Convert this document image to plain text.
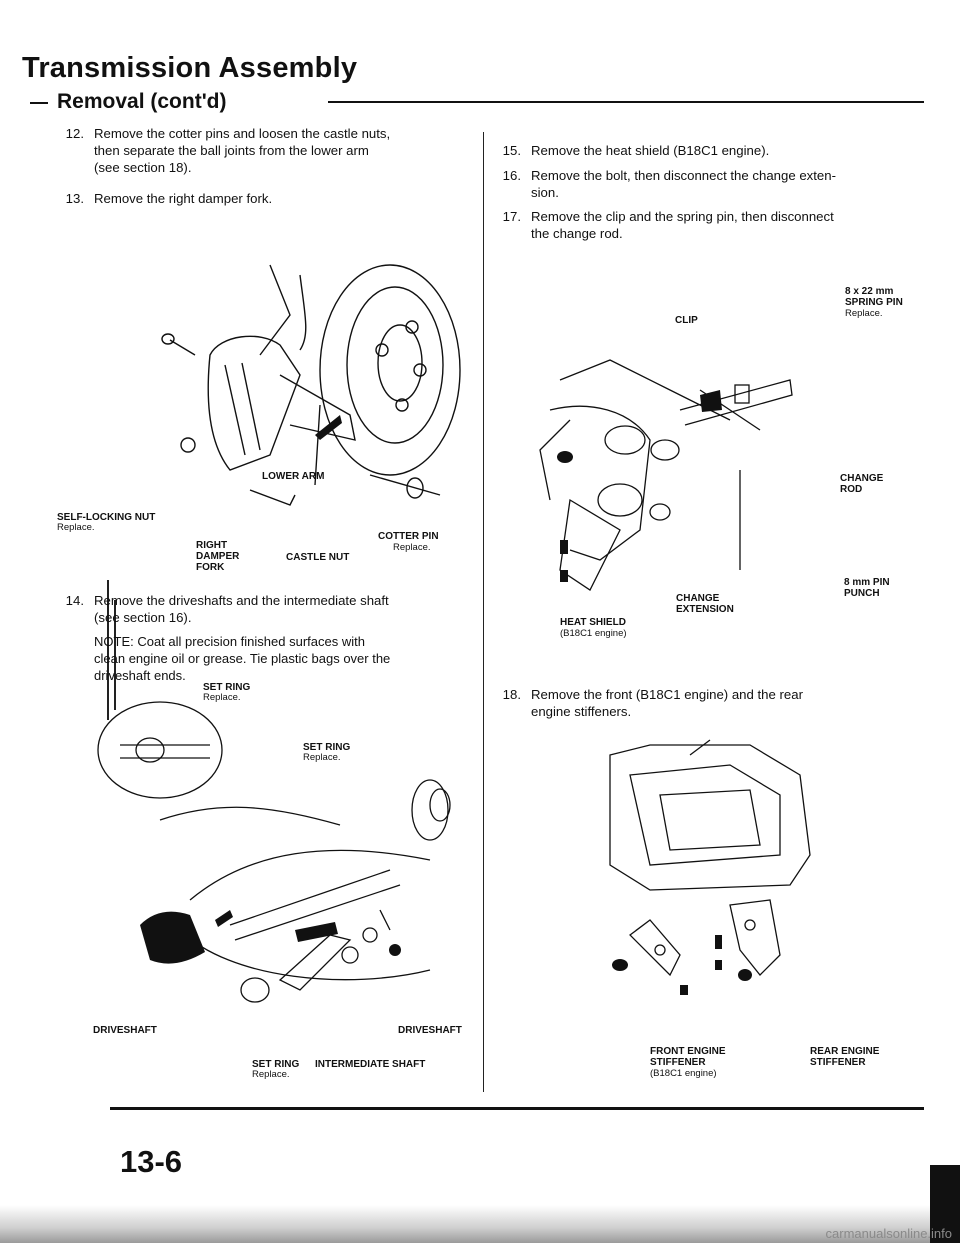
Transmission Assembly
Removal (cont'd)
12. Remove the cotter pins and loosen the castle nuts,
then separate the ball joints from the lower arm
(see section 18).
13. Remove the right damper fork.
LOWER ARM
SELF-LOCKING NUT
Replace.
RIGHT
DAMPER
FORK
CASTLE NUT
COTTER PIN
Replace.
14. Remove the driveshafts and the intermediate shaft
(see section 16).
NOTE: Coat all precision finished surfaces with
clean engine oil or grease. Tie plastic bags over the
driveshaft ends.
SET RING
Replace.
SET RING
Replace.
DRIVESHAFT	DRIVESHAFT
SET RING
Replace.
INTERMEDIATE SHAFT
15. Remove the heat shield (B18C1 engine).
16. Remove the bolt, then disconnect the change exten-
sion.
17. Remove the clip and the spring pin, then disconnect
the change rod.
8 x 22 mm
SPRING PIN
Replace.
CLIP
CHANGE
ROD
8 mm PIN
PUNCH
CHANGE
EXTENSION
HEAT SHIELD
(B18C1 engine)
18. Remove the front (B18C1 engine) and the rear
engine stiffeners.
FRONT ENGINE
STIFFENER
(B18C1 engine)
REAR ENGINE
STIFFENER
13-6
carmanualsonline.info
